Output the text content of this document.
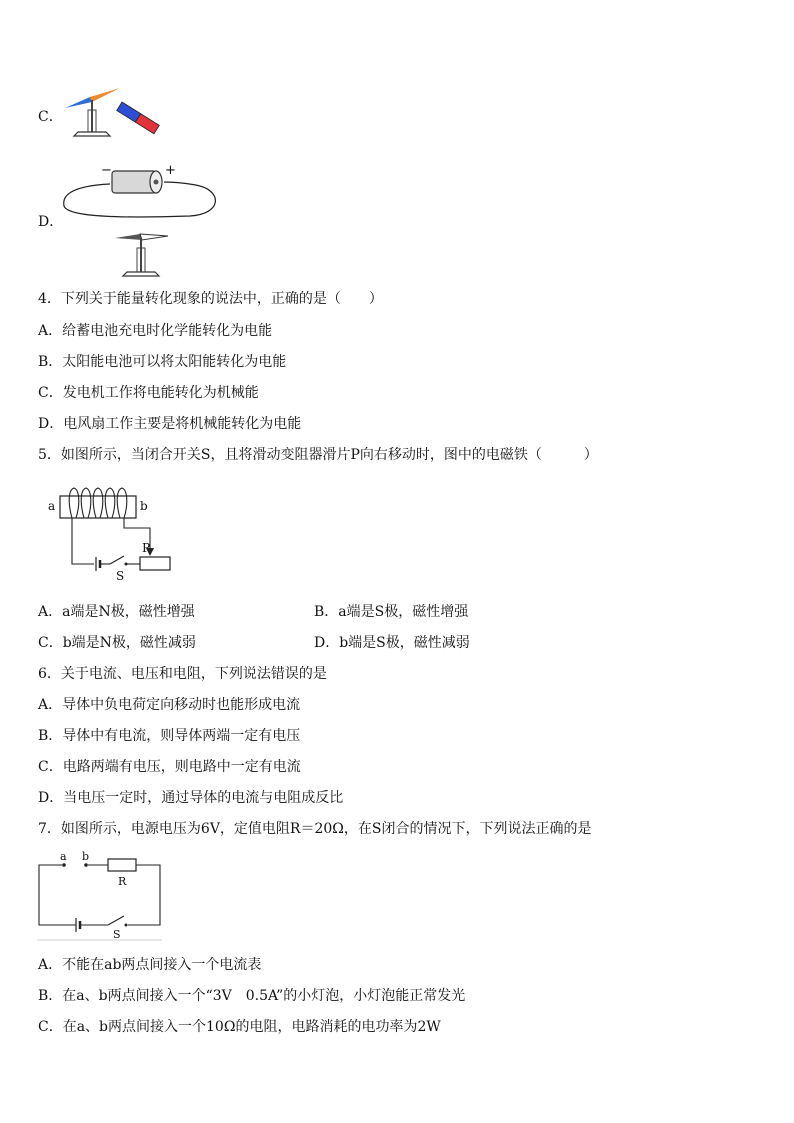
C．
D．
−	+
4．下列关于能量转化现象的说法中，正确的是（　　）
A．给蓄电池充电时化学能转化为电能
B．太阳能电池可以将太阳能转化为电能
C．发电机工作将电能转化为机械能
D．电风扇工作主要是将机械能转化为电能
5．如图所示，当闭合开关S，且将滑动变阻器滑片P向右移动时，图中的电磁铁（　　　）
a	b
P
S
A．a端是N极，磁性增强	B．a端是S极，磁性增强
C．b端是N极，磁性减弱	D．b端是S极，磁性减弱
6．关于电流、电压和电阻，下列说法错误的是
A．导体中负电荷定向移动时也能形成电流
B．导体中有电流，则导体两端一定有电压
C．电路两端有电压，则电路中一定有电流
D．当电压一定时，通过导体的电流与电阻成反比
7．如图所示，电源电压为6V，定值电阻R＝20Ω，在S闭合的情况下，下列说法正确的是
a b
R
S
A．不能在ab两点间接入一个电流表
B．在a、b两点间接入一个“3V　0.5A”的小灯泡，小灯泡能正常发光
C．在a、b两点间接入一个10Ω的电阻，电路消耗的电功率为2W
